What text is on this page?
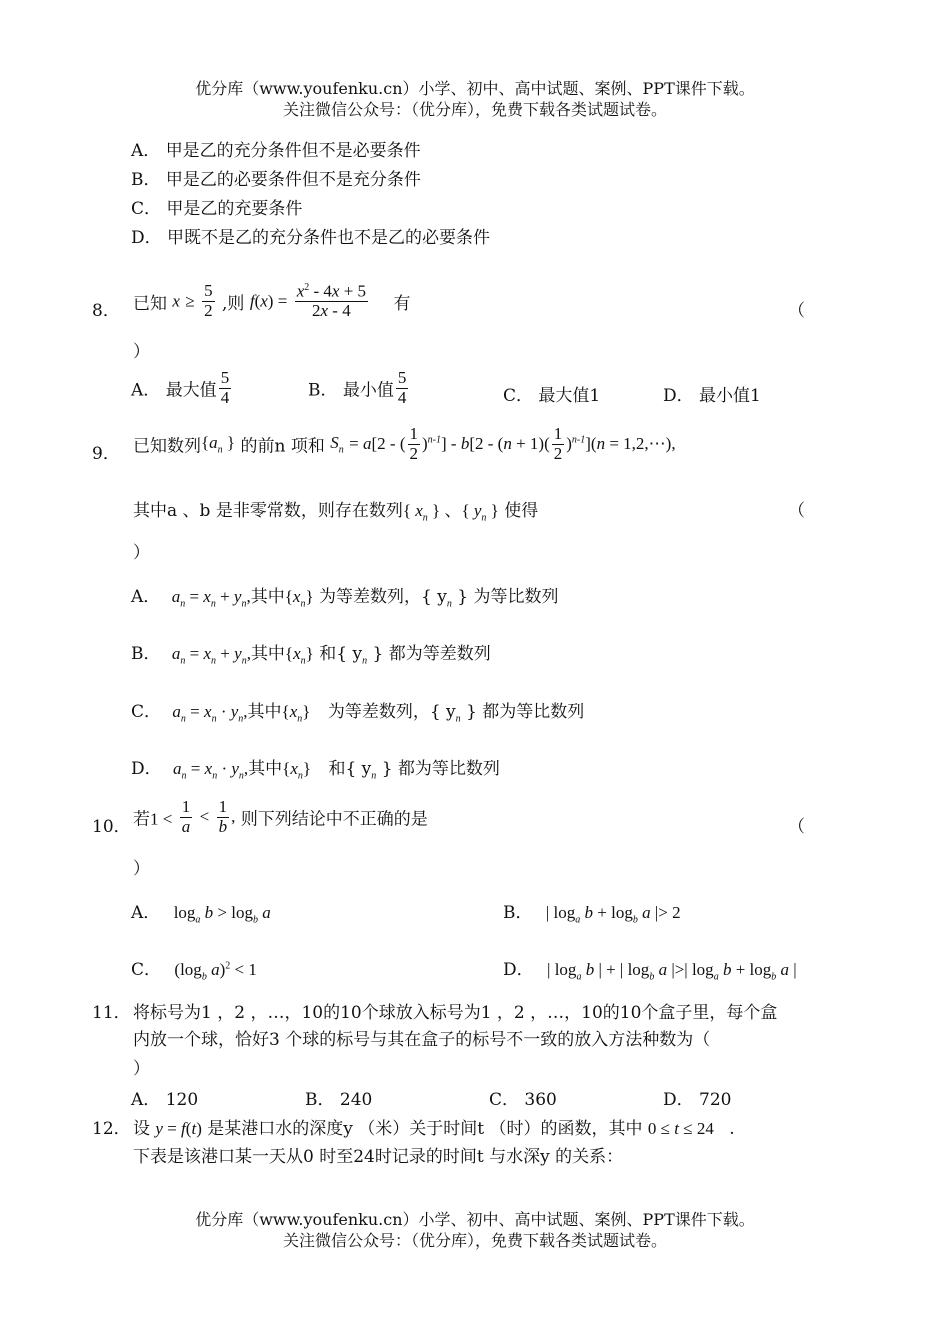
优分库（www.youfenku.cn）小学、初中、高中试题、案例、PPT课件下载。
关注微信公众号：（优分库），免费下载各类试题试卷。
A． 甲是乙的充分条件但不是必要条件
B． 甲是乙的必要条件但不是充分条件
C． 甲是乙的充要条件
D． 甲既不是乙的充分条件也不是乙的必要条件
8． 已知 $x \ge \frac{5}{2}$ ,则 $f(x) = \frac{x^2 - 4x + 5}{2x - 4}$ 有	（
）
A． 最大值 $\frac{5}{4}$	B． 最小值 $\frac{5}{4}$	C． 最大值1	D． 最小值1
9． 已知数列{$a_n$ } 的前n 项和 $S_n = a[2$ - ( $\frac{1}{2} )^{n-1}] - b[2 - (n + 1)( \frac{1}{2} )^{n-1}](n$ = 1,2,⋯),
其中a 、b 是非零常数，则存在数列{ $x_n$ } 、{ $y_n$ } 使得	（
）
A． $a_n = x_n + y_n$,其中$\{x_n\}$ 为等差数列，{ $y_n$ } 为等比数列
B． $a_n = x_n + y_n$,其中$\{x_n\}$ 和{ $y_n$ } 都为等差数列
C． $a_n = x_n \cdot y_n$,其中$\{x_n\}$ 为等差数列，{ $y_n$ } 都为等比数列
D． $a_n = x_n \cdot y_n$,其中$\{x_n\}$ 和{ $y_n$ } 都为等比数列
10． 若$1 < \frac{1}{a} < \frac{1}{b}$ , 则下列结论中不正确的是	（
）
A． $\log_a b > \log_b a$	B． | $\log_a b + \log_b a$ |> 2
C． ($\log_b$ a)$^2$ < 1	D． | $\log_a b$ | + | $\log_b a$ |>| $\log_a b + \log_b a$ |
11． 将标号为1 ，2 ，…，10的10个球放入标号为1 ，2 ，…，10的10个盒子里，每个盒
内放一个球，恰好3 个球的标号与其在盒子的标号不一致的放入方法种数为（
）
A． 120	B． 240	C． 360	D． 720
12． 设 y = f(t) 是某港口水的深度y （米）关于时间t （时）的函数，其中 0 ≤ t ≤ 24 .
下表是该港口某一天从0 时至24时记录的时间t 与水深y 的关系：
优分库（www.youfenku.cn）小学、初中、高中试题、案例、PPT课件下载。
关注微信公众号：（优分库），免费下载各类试题试卷。
